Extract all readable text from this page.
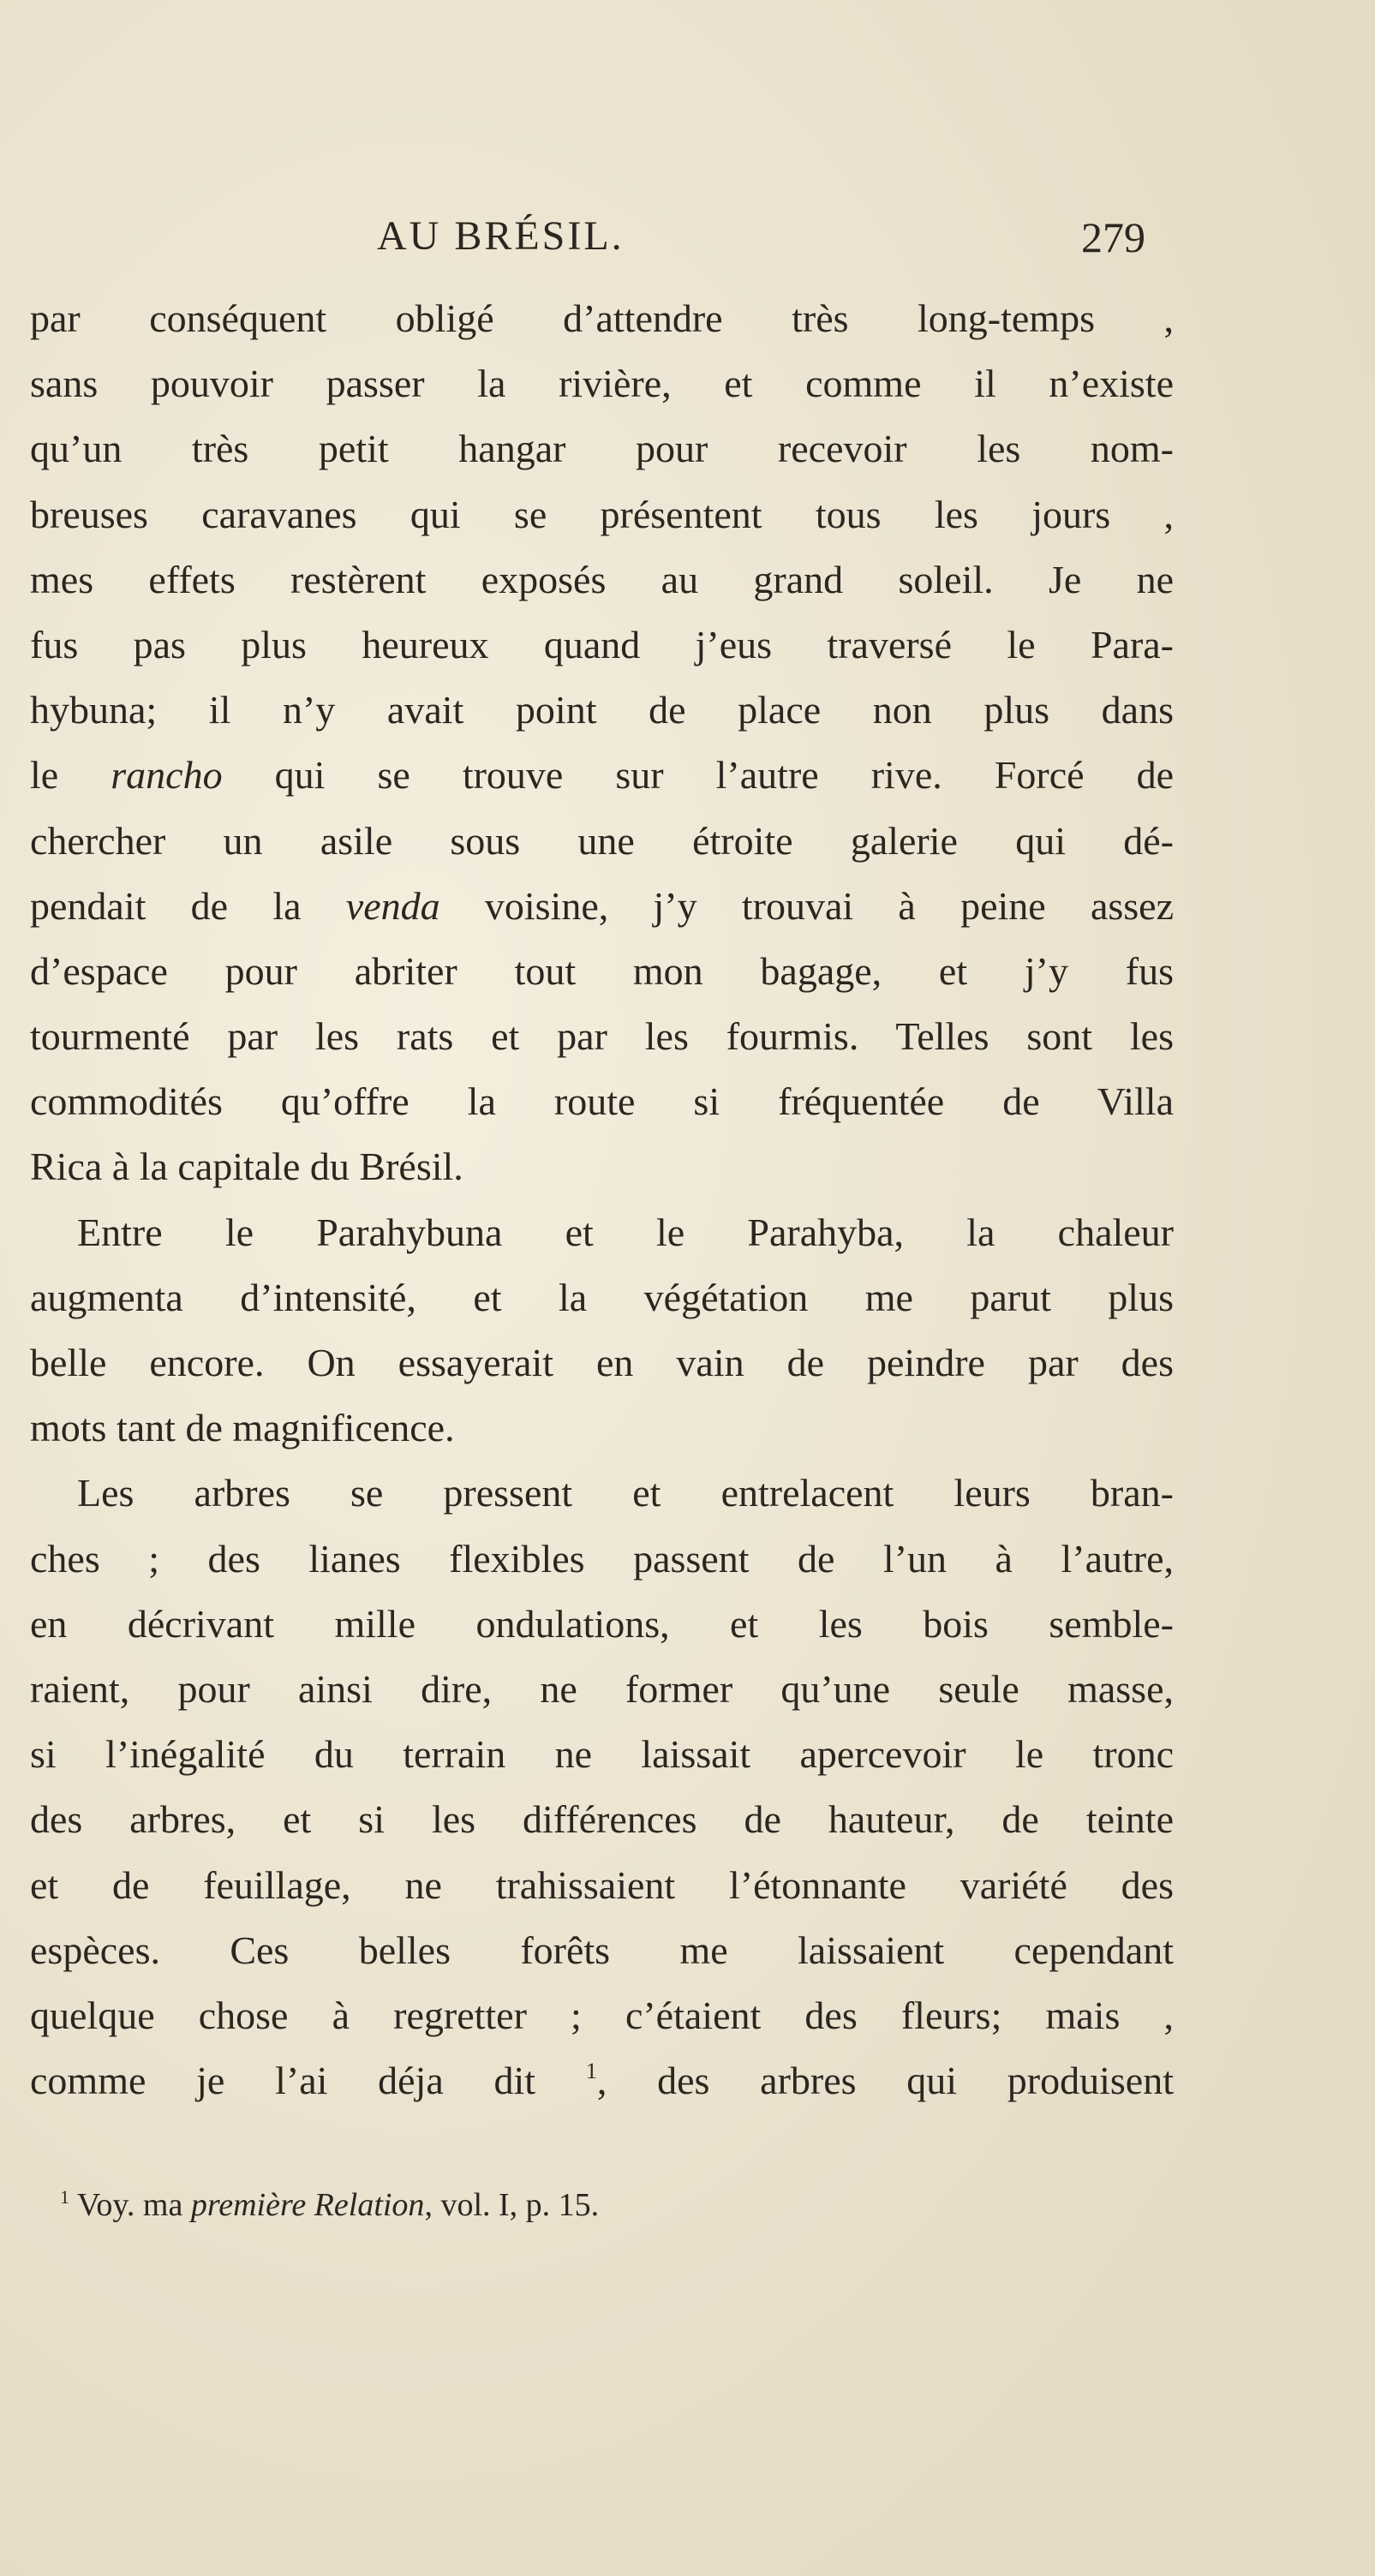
AU BRÉSIL.	279
par conséquent obligé d’attendre très long-temps ,
sans pouvoir passer la rivière, et comme il n’existe
qu’un très petit hangar pour recevoir les nom-
breuses caravanes qui se présentent tous les jours ,
mes effets restèrent exposés au grand soleil. Je ne
fus pas plus heureux quand j’eus traversé le Para-
hybuna; il n’y avait point de place non plus dans
le rancho qui se trouve sur l’autre rive. Forcé de
chercher un asile sous une étroite galerie qui dé-
pendait de la venda voisine, j’y trouvai à peine assez
d’espace pour abriter tout mon bagage, et j’y fus
tourmenté par les rats et par les fourmis. Telles sont les
commodités qu’offre la route si fréquentée de Villa
Rica à la capitale du Brésil.
Entre le Parahybuna et le Parahyba, la chaleur
augmenta d’intensité, et la végétation me parut plus
belle encore. On essayerait en vain de peindre par des
mots tant de magnificence.
Les arbres se pressent et entrelacent leurs bran-
ches ; des lianes flexibles passent de l’un à l’autre,
en décrivant mille ondulations, et les bois semble-
raient, pour ainsi dire, ne former qu’une seule masse,
si l’inégalité du terrain ne laissait apercevoir le tronc
des arbres, et si les différences de hauteur, de teinte
et de feuillage, ne trahissaient l’étonnante variété des
espèces. Ces belles forêts me laissaient cependant
quelque chose à regretter ; c’étaient des fleurs; mais ,
comme je l’ai déja dit $^1$, des arbres qui produisent
$^1$ Voy. ma première Relation, vol. I, p. 15.
